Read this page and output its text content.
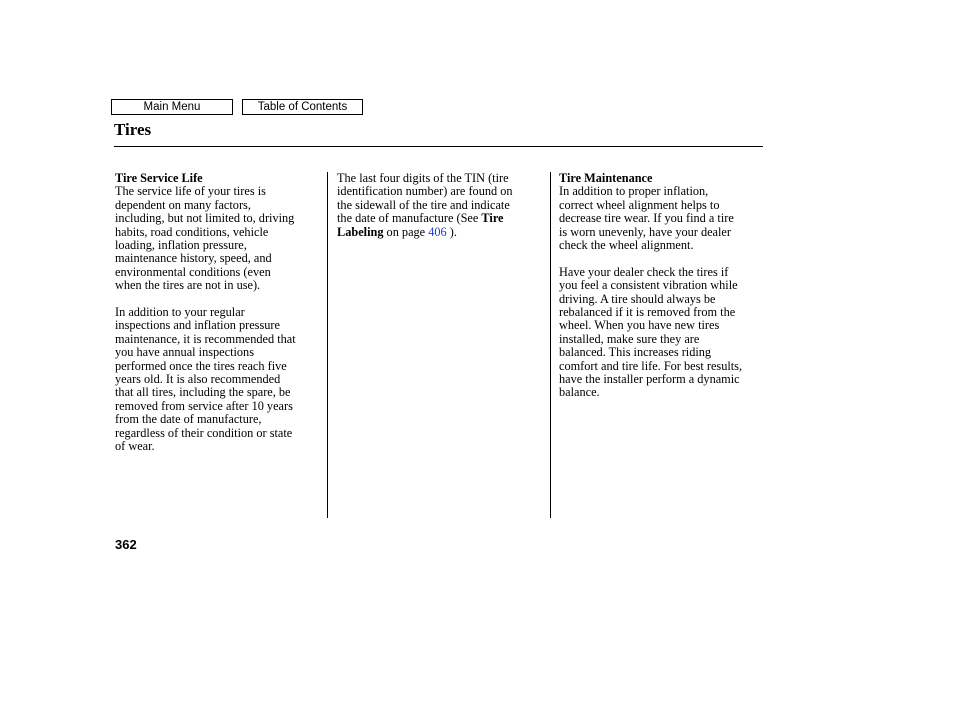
Main Menu	Table of Contents
Tires
Tire Service Life
The service life of your tires is
dependent on many factors,
including, but not limited to, driving
habits, road conditions, vehicle
loading, inflation pressure,
maintenance history, speed, and
environmental conditions (even
when the tires are not in use).
In addition to your regular
inspections and inflation pressure
maintenance, it is recommended that
you have annual inspections
performed once the tires reach five
years old. It is also recommended
that all tires, including the spare, be
removed from service after 10 years
from the date of manufacture,
regardless of their condition or state
of wear.
The last four digits of the TIN (tire
identification number) are found on
the sidewall of the tire and indicate
the date of manufacture (See Tire
Labeling on page 406 ).
Tire Maintenance
In addition to proper inflation,
correct wheel alignment helps to
decrease tire wear. If you find a tire
is worn unevenly, have your dealer
check the wheel alignment.
Have your dealer check the tires if
you feel a consistent vibration while
driving. A tire should always be
rebalanced if it is removed from the
wheel. When you have new tires
installed, make sure they are
balanced. This increases riding
comfort and tire life. For best results,
have the installer perform a dynamic
balance.
362
